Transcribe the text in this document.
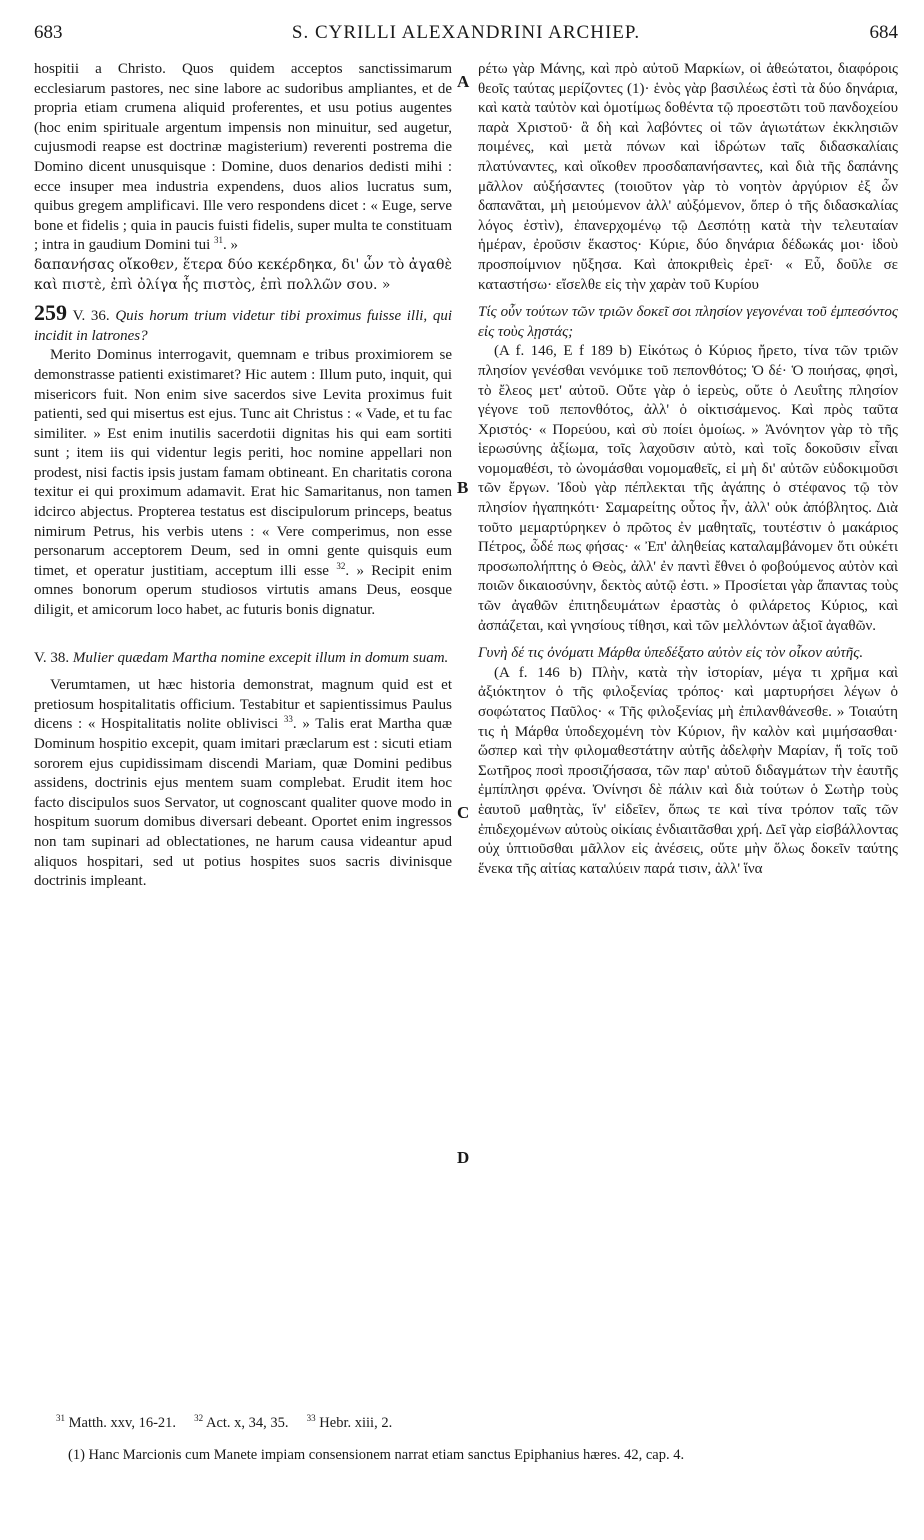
683	S. CYRILLI ALEXANDRINI ARCHIEP.	684
A
B
C
D

hospitii a Christo. Quos quidem acceptos sanctissimarum ecclesiarum pastores, nec sine labore ac sudoribus ampliantes, et de propria etiam crumena aliquid proferentes, et usu potius augentes (hoc enim spirituale argentum impensis non minuitur, sed augetur, cujusmodi reapse est doctrinæ magisterium) reverenti postrema die Domino dicent unusquisque : Domine, duos denarios dedisti mihi : ecce insuper mea industria expendens, duos alios lucratus sum, quibus gregem amplificavi. Ille vero respondens dicet : « Euge, serve bone et fidelis ; quia in paucis fuisti fidelis, super multa te constituam ; intra in gaudium Domini tui $^{31}$. »

δαπανήσας οἴκοθεν, ἕτερα δύο κεκέρδηκα, δι' ὧν τὸ ἀγαθὲ καὶ πιστὲ, ἐπὶ ὀλίγα ἧς πιστὸς, ἐπὶ πολλῶν σου. »

259 V. 36. Quis horum trium videtur tibi proximus fuisse illi, qui incidit in latrones?

Merito Dominus interrogavit, quemnam e tribus proximiorem se demonstrasse patienti existimaret? Hic autem : Illum puto, inquit, qui misericors fuit. Non enim sive sacerdos sive Levita proximus fuit patienti, sed qui misertus est ejus. Tunc ait Christus : « Vade, et tu fac similiter. » Est enim inutilis sacerdotii dignitas his qui eam sortiti sunt ; item iis qui videntur legis periti, hoc nomine appellari non prodest, nisi factis ipsis justam famam obtineant. En charitatis corona texitur ei qui proximum adamavit. Erat hic Samaritanus, non tamen idcirco abjectus. Propterea testatus est discipulorum princeps, beatus nimirum Petrus, his verbis utens : « Vere comperimus, non esse personarum acceptorem Deum, sed in omni gente quisquis eum timet, et operatur justitiam, acceptum illi esse $^{32}$. » Recipit enim omnes bonorum operum studiosos virtutis amans Deus, eosque diligit, et amicorum loco habet, ac futuris bonis dignatur.

V. 38. Mulier quædam Martha nomine excepit illum in domum suam.

Verumtamen, ut hæc historia demonstrat, magnum quid est et pretiosum hospitalitatis officium. Testabitur et sapientissimus Paulus dicens : « Hospitalitatis nolite oblivisci $^{33}$. » Talis erat Martha quæ Dominum hospitio excepit, quam imitari præclarum est : sicuti etiam sororem ejus cupidissimam discendi Mariam, quæ Domini pedibus assidens, doctrinis ejus mentem suam complebat. Erudit item hoc facto discipulos suos Servator, ut cognoscant qualiter quove modo in hospitum suorum domibus diversari debeant. Oportet enim ingressos non tam supinari ad oblectationes, ne harum causa videantur apud aliquos hospitari, sed ut potius hospites suos sacris divinisque doctrinis impleant.

ρέτω γὰρ Μάνης, καὶ πρὸ αὐτοῦ Μαρκίων, οἱ ἀθεώτατοι, διαφόροις θεοῖς ταύτας μερίζοντες (1)· ἑνὸς γὰρ βασιλέως ἐστὶ τὰ δύο δηνάρια, καὶ κατὰ ταὐτὸν καὶ ὁμοτίμως δοθέντα τῷ προεστῶτι τοῦ πανδοχείου παρὰ Χριστοῦ· ἃ δὴ καὶ λαβόντες οἱ τῶν ἁγιωτάτων ἐκκλησιῶν ποιμένες, καὶ μετὰ πόνων καὶ ἱδρώτων ταῖς διδασκαλίαις πλατύναντες, καὶ οἴκοθεν προσδαπανήσαντες, καὶ διὰ τῆς δαπάνης μᾶλλον αὐξήσαντες (τοιοῦτον γὰρ τὸ νοητὸν ἀργύριον ἐξ ὧν δαπανᾶται, μὴ μειούμενον ἀλλ' αὐξόμενον, ὅπερ ὁ τῆς διδασκαλίας λόγος ἐστὶν), ἐπανερχομένῳ τῷ Δεσπότῃ κατὰ τὴν τελευταίαν ἡμέραν, ἐροῦσιν ἕκαστος· Κύριε, δύο δηνάρια δέδωκάς μοι· ἰδοὺ προσποίμνιον ηὔξησα. Καὶ ἀποκριθεὶς ἐρεῖ· « Εὖ, δοῦλε σε καταστήσω· εἴσελθε εἰς τὴν χαρὰν τοῦ Κυρίου

Τίς οὖν τούτων τῶν τριῶν δοκεῖ σοι πλησίον γεγονέναι τοῦ ἐμπεσόντος εἰς τοὺς λῃστάς;

(A f. 146, E f 189 b) Εἰκότως ὁ Κύριος ἤρετο, τίνα τῶν τριῶν πλησίον γενέσθαι νενόμικε τοῦ πεπονθότος; Ὁ δέ· Ὁ ποιήσας, φησὶ, τὸ ἔλεος μετ' αὐτοῦ. Οὔτε γὰρ ὁ ἱερεὺς, οὔτε ὁ Λευΐτης πλησίον γέγονε τοῦ πεπονθότος, ἀλλ' ὁ οἰκτισάμενος. Καὶ πρὸς ταῦτα Χριστός· « Πορεύου, καὶ σὺ ποίει ὁμοίως. » Ἀνόνητον γὰρ τὸ τῆς ἱερωσύνης ἀξίωμα, τοῖς λαχοῦσιν αὐτὸ, καὶ τοῖς δοκοῦσιν εἶναι νομομαθέσι, τὸ ὠνομάσθαι νομομαθεῖς, εἰ μὴ δι' αὐτῶν εὐδοκιμοῦσι τῶν ἔργων. Ἰδοὺ γὰρ πέπλεκται τῆς ἀγάπης ὁ στέφανος τῷ τὸν πλησίον ἠγαπηκότι· Σαμαρείτης οὗτος ἦν, ἀλλ' οὐκ ἀπόβλητος. Διὰ τοῦτο μεμαρτύρηκεν ὁ πρῶτος ἐν μαθηταῖς, τουτέστιν ὁ μακάριος Πέτρος, ὧδέ πως φήσας· « Ἐπ' ἀληθείας καταλαμβάνομεν ὅτι οὐκέτι προσωπολήπτης ὁ Θεὸς, ἀλλ' ἐν παντὶ ἔθνει ὁ φοβούμενος αὐτὸν καὶ ποιῶν δικαιοσύνην, δεκτὸς αὐτῷ ἐστι. » Προσίεται γὰρ ἅπαντας τοὺς τῶν ἀγαθῶν ἐπιτηδευμάτων ἐραστὰς ὁ φιλάρετος Κύριος, καὶ ἀσπάζεται, καὶ γνησίους τίθησι, καὶ τῶν μελλόντων ἀξιοῖ ἀγαθῶν.

Γυνὴ δέ τις ὀνόματι Μάρθα ὑπεδέξατο αὐτὸν εἰς τὸν οἶκον αὐτῆς.

(A f. 146 b) Πλὴν, κατὰ τὴν ἱστορίαν, μέγα τι χρῆμα καὶ ἀξιόκτητον ὁ τῆς φιλοξενίας τρόπος· καὶ μαρτυρήσει λέγων ὁ σοφώτατος Παῦλος· « Τῆς φιλοξενίας μὴ ἐπιλανθάνεσθε. » Τοιαύτη τις ἡ Μάρθα ὑποδεχομένη τὸν Κύριον, ἣν καλὸν καὶ μιμήσασθαι· ὥσπερ καὶ τὴν φιλομαθεστάτην αὐτῆς ἀδελφὴν Μαρίαν, ἥ τοῖς τοῦ Σωτῆρος ποσὶ προσιζήσασα, τῶν παρ' αὐτοῦ διδαγμάτων τὴν ἑαυτῆς ἐμπίπλησι φρένα. Ὀνίνησι δὲ πάλιν καὶ διὰ τούτων ὁ Σωτὴρ τοὺς ἑαυτοῦ μαθητὰς, ἵν' εἰδεῖεν, ὅπως τε καὶ τίνα τρόπον ταῖς τῶν ἐπιδεχομένων αὐτοὺς οἰκίαις ἐνδιαιτᾶσθαι χρή. Δεῖ γὰρ εἰσβάλλοντας οὐχ ὑπτιοῦσθαι μᾶλλον εἰς ἀνέσεις, οὔτε μὴν ὅλως δοκεῖν ταύτης ἕνεκα τῆς αἰτίας καταλύειν παρά τισιν, ἀλλ' ἵνα

$^{31}$ Matth. xxv, 16-21. $^{32}$ Act. x, 34, 35. $^{33}$ Hebr. xiii, 2.
(1) Hanc Marcionis cum Manete impiam consensionem narrat etiam sanctus Epiphanius hæres. 42, cap. 4.
